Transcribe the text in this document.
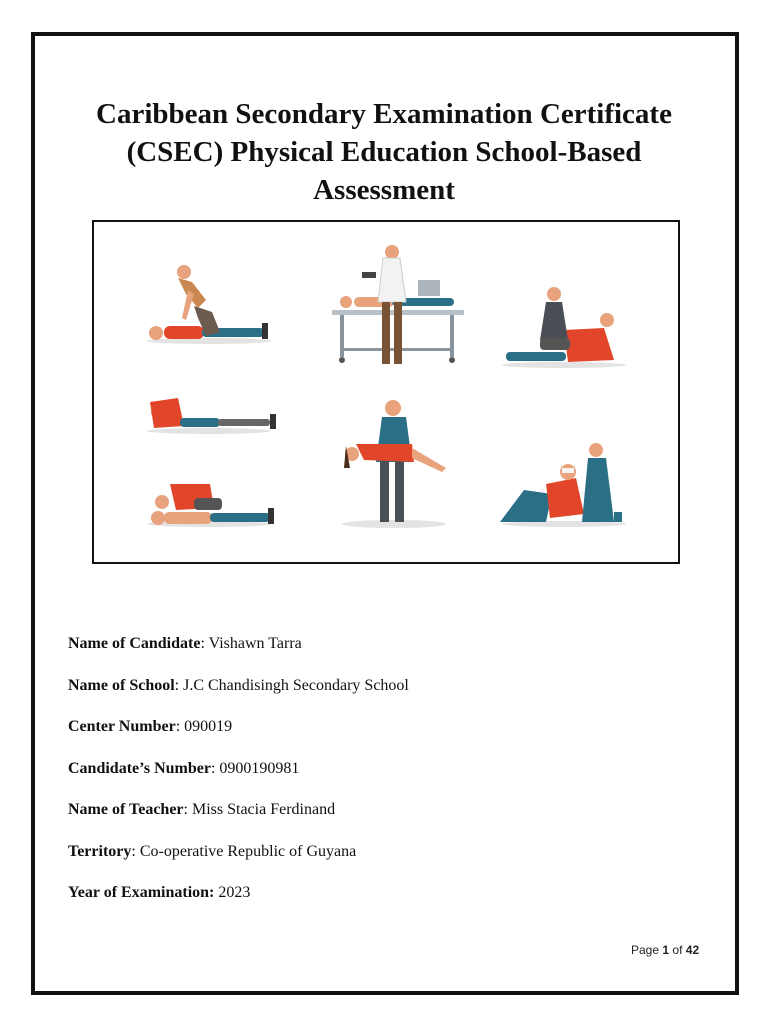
Caribbean Secondary Examination Certificate
(CSEC) Physical Education School-Based
Assessment
Name of Candidate: Vishawn Tarra
Name of School: J.C Chandisingh Secondary School
Center Number: 090019
Candidate’s Number: 0900190981
Name of Teacher: Miss Stacia Ferdinand
Territory: Co-operative Republic of Guyana
Year of Examination: 2023
Page 1 of 42
